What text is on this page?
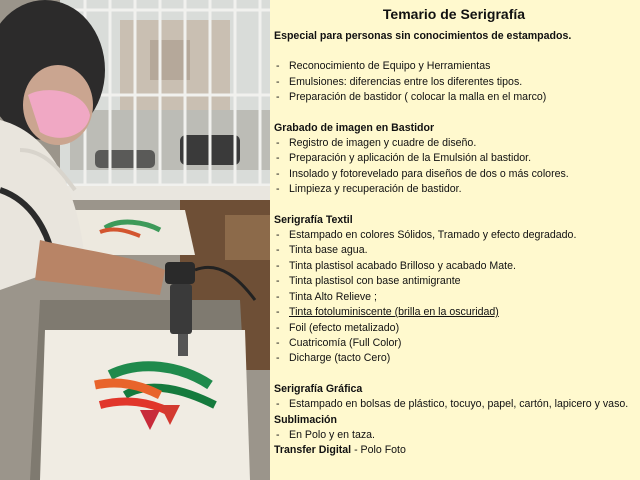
Temario de Serigrafía
Especial para personas sin conocimientos de estampados.
- Reconocimiento de Equipo y Herramientas
- Emulsiones: diferencias entre los diferentes tipos.
- Preparación de bastidor ( colocar la malla en el marco)
Grabado de imagen en Bastidor
- Registro de imagen y cuadre de diseño.
- Preparación y aplicación de la Emulsión al bastidor.
- Insolado y fotorevelado para diseños de dos o más colores.
- Limpieza y recuperación de bastidor.
Serigrafía Textil
- Estampado en colores Sólidos, Tramado y efecto degradado.
- Tinta base agua.
- Tinta plastisol acabado Brilloso y acabado Mate.
- Tinta plastisol con base antimigrante
- Tinta Alto Relieve ;
- Tinta fotoluminiscente (brilla en la oscuridad)
- Foil (efecto metalizado)
- Cuatricomía (Full Color)
- Dicharge (tacto Cero)
Serigrafía Gráfica
- Estampado en bolsas de plástico, tocuyo, papel, cartón, lapicero y vaso.
Sublimación
- En Polo y en taza.
Transfer Digital - Polo Foto
